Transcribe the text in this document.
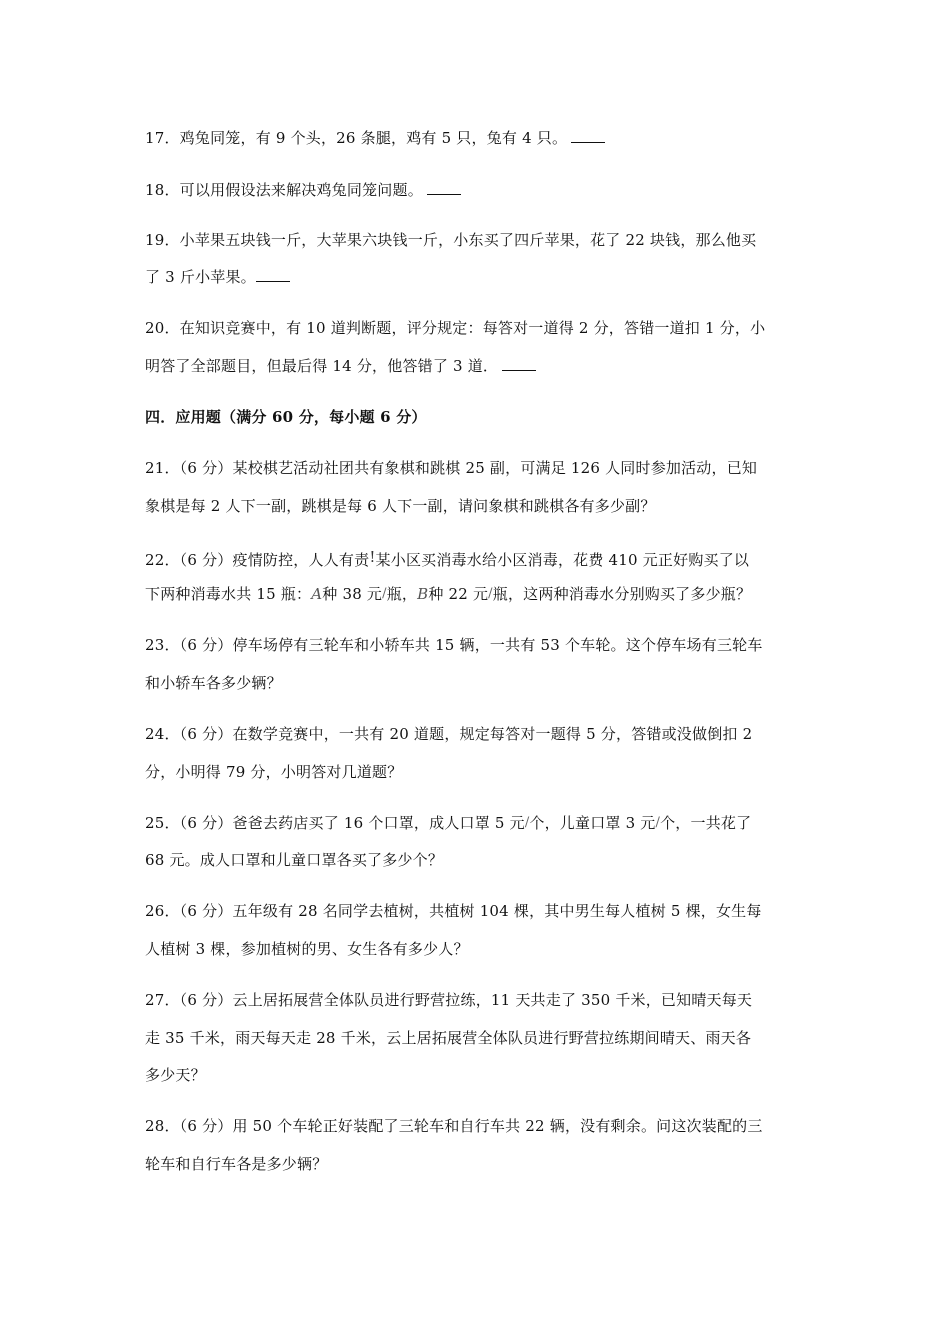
17．鸡兔同笼，有 9 个头，26 条腿，鸡有 5 只，兔有 4 只。
18．可以用假设法来解决鸡兔同笼问题。
19．小苹果五块钱一斤，大苹果六块钱一斤，小东买了四斤苹果，花了 22 块钱，那么他买
了 3 斤小苹果。
20．在知识竞赛中，有 10 道判断题，评分规定：每答对一道得 2 分，答错一道扣 1 分，小
明答了全部题目，但最后得 14 分，他答错了 3 道．
四．应用题（满分 60 分，每小题 6 分）
21．（6 分）某校棋艺活动社团共有象棋和跳棋 25 副，可满足 126 人同时参加活动，已知
象棋是每 2 人下一副，跳棋是每 6 人下一副，请问象棋和跳棋各有多少副？
22．（6 分）疫情防控，人人有责!某小区买消毒水给小区消毒，花费 410 元正好购买了以
下两种消毒水共 15 瓶：A种 38 元/瓶，B种 22 元/瓶，这两种消毒水分别购买了多少瓶？
23．（6 分）停车场停有三轮车和小轿车共 15 辆，一共有 53 个车轮。这个停车场有三轮车
和小轿车各多少辆？
24．（6 分）在数学竞赛中，一共有 20 道题，规定每答对一题得 5 分，答错或没做倒扣 2
分，小明得 79 分，小明答对几道题？
25．（6 分）爸爸去药店买了 16 个口罩，成人口罩 5 元/个，儿童口罩 3 元/个，一共花了
68 元。成人口罩和儿童口罩各买了多少个？
26．（6 分）五年级有 28 名同学去植树，共植树 104 棵，其中男生每人植树 5 棵，女生每
人植树 3 棵，参加植树的男、女生各有多少人？
27．（6 分）云上居拓展营全体队员进行野营拉练，11 天共走了 350 千米，已知晴天每天
走 35 千米，雨天每天走 28 千米，云上居拓展营全体队员进行野营拉练期间晴天、雨天各
多少天？
28．（6 分）用 50 个车轮正好装配了三轮车和自行车共 22 辆，没有剩余。问这次装配的三
轮车和自行车各是多少辆？
